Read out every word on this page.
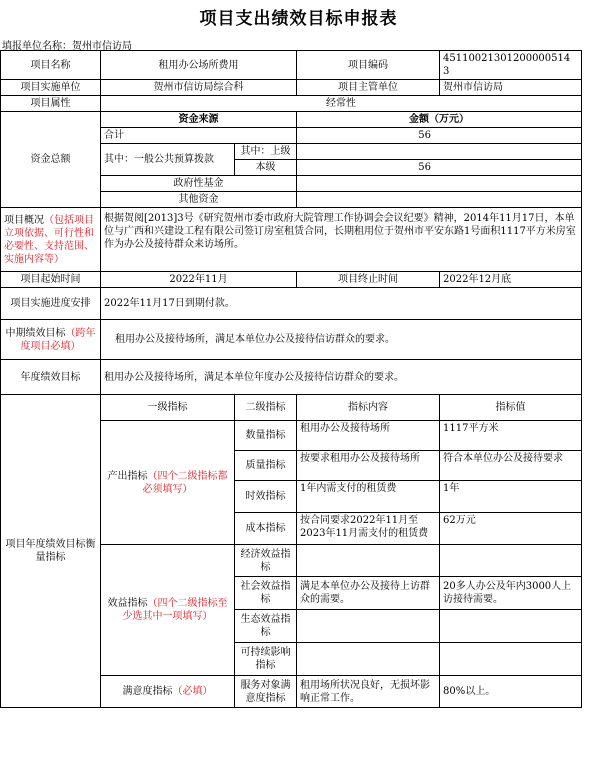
项目支出绩效目标申报表
填报单位名称：贺州市信访局
项目名称	租用办公场所费用		项目编码	45110021301200000514 3
项目实施单位	贺州市信访局综合科		项目主管单位	贺州市信访局
项目属性	经常性			
资金总额	资金来源		金额（万元）	
	合计		56	
	其中：一般公共预算拨款	其中：上级		
		本级	56	
	政府性基金			
	其他资金			
项目概况（包括项目立项依据、可行性和必要性、支持范围、实施内容等）	根据贺阅[2013]3号《研究贺州市委市政府大院管理工作协调会会议纪要》精神，2014年11月17日，本单位与广西和兴建设工程有限公司签订房室租赁合同，长期租用位于贺州市平安东路1号面积1117平方米房室作为办公及接待群众来访场所。			
项目起始时间	2022年11月		项目终止时间	2022年12月底
项目实施进度安排	2022年11月17日到期付款。			
中期绩效目标（跨年度项目必填）	租用办公及接待场所，满足本单位办公及接待信访群众的要求。			
年度绩效目标	租用办公及接待场所，满足本单位年度办公及接待信访群众的要求。			
项目年度绩效目标衡量指标	一级指标	二级指标	指标内容	指标值
	产出指标（四个二级指标都必须填写）	数量指标	租用办公及接待场所	1117平方米
		质量指标	按要求租用办公及接待场所	符合本单位办公及接待要求
		时效指标	1年内需支付的租赁费	1年
		成本指标	按合同要求2022年11月至2023年11月需支付的租赁费	62万元
	效益指标（四个二级指标至少选其中一项填写）	经济效益指标		
		社会效益指标	满足本单位办公及接待上访群众的需要。	20多人办公及年内3000人上访接待需要。
		生态效益指标		
		可持续影响指标		
	满意度指标（必填）	服务对象满意度指标	租用场所状况良好，无损坏影响正常工作。	80%以上。
